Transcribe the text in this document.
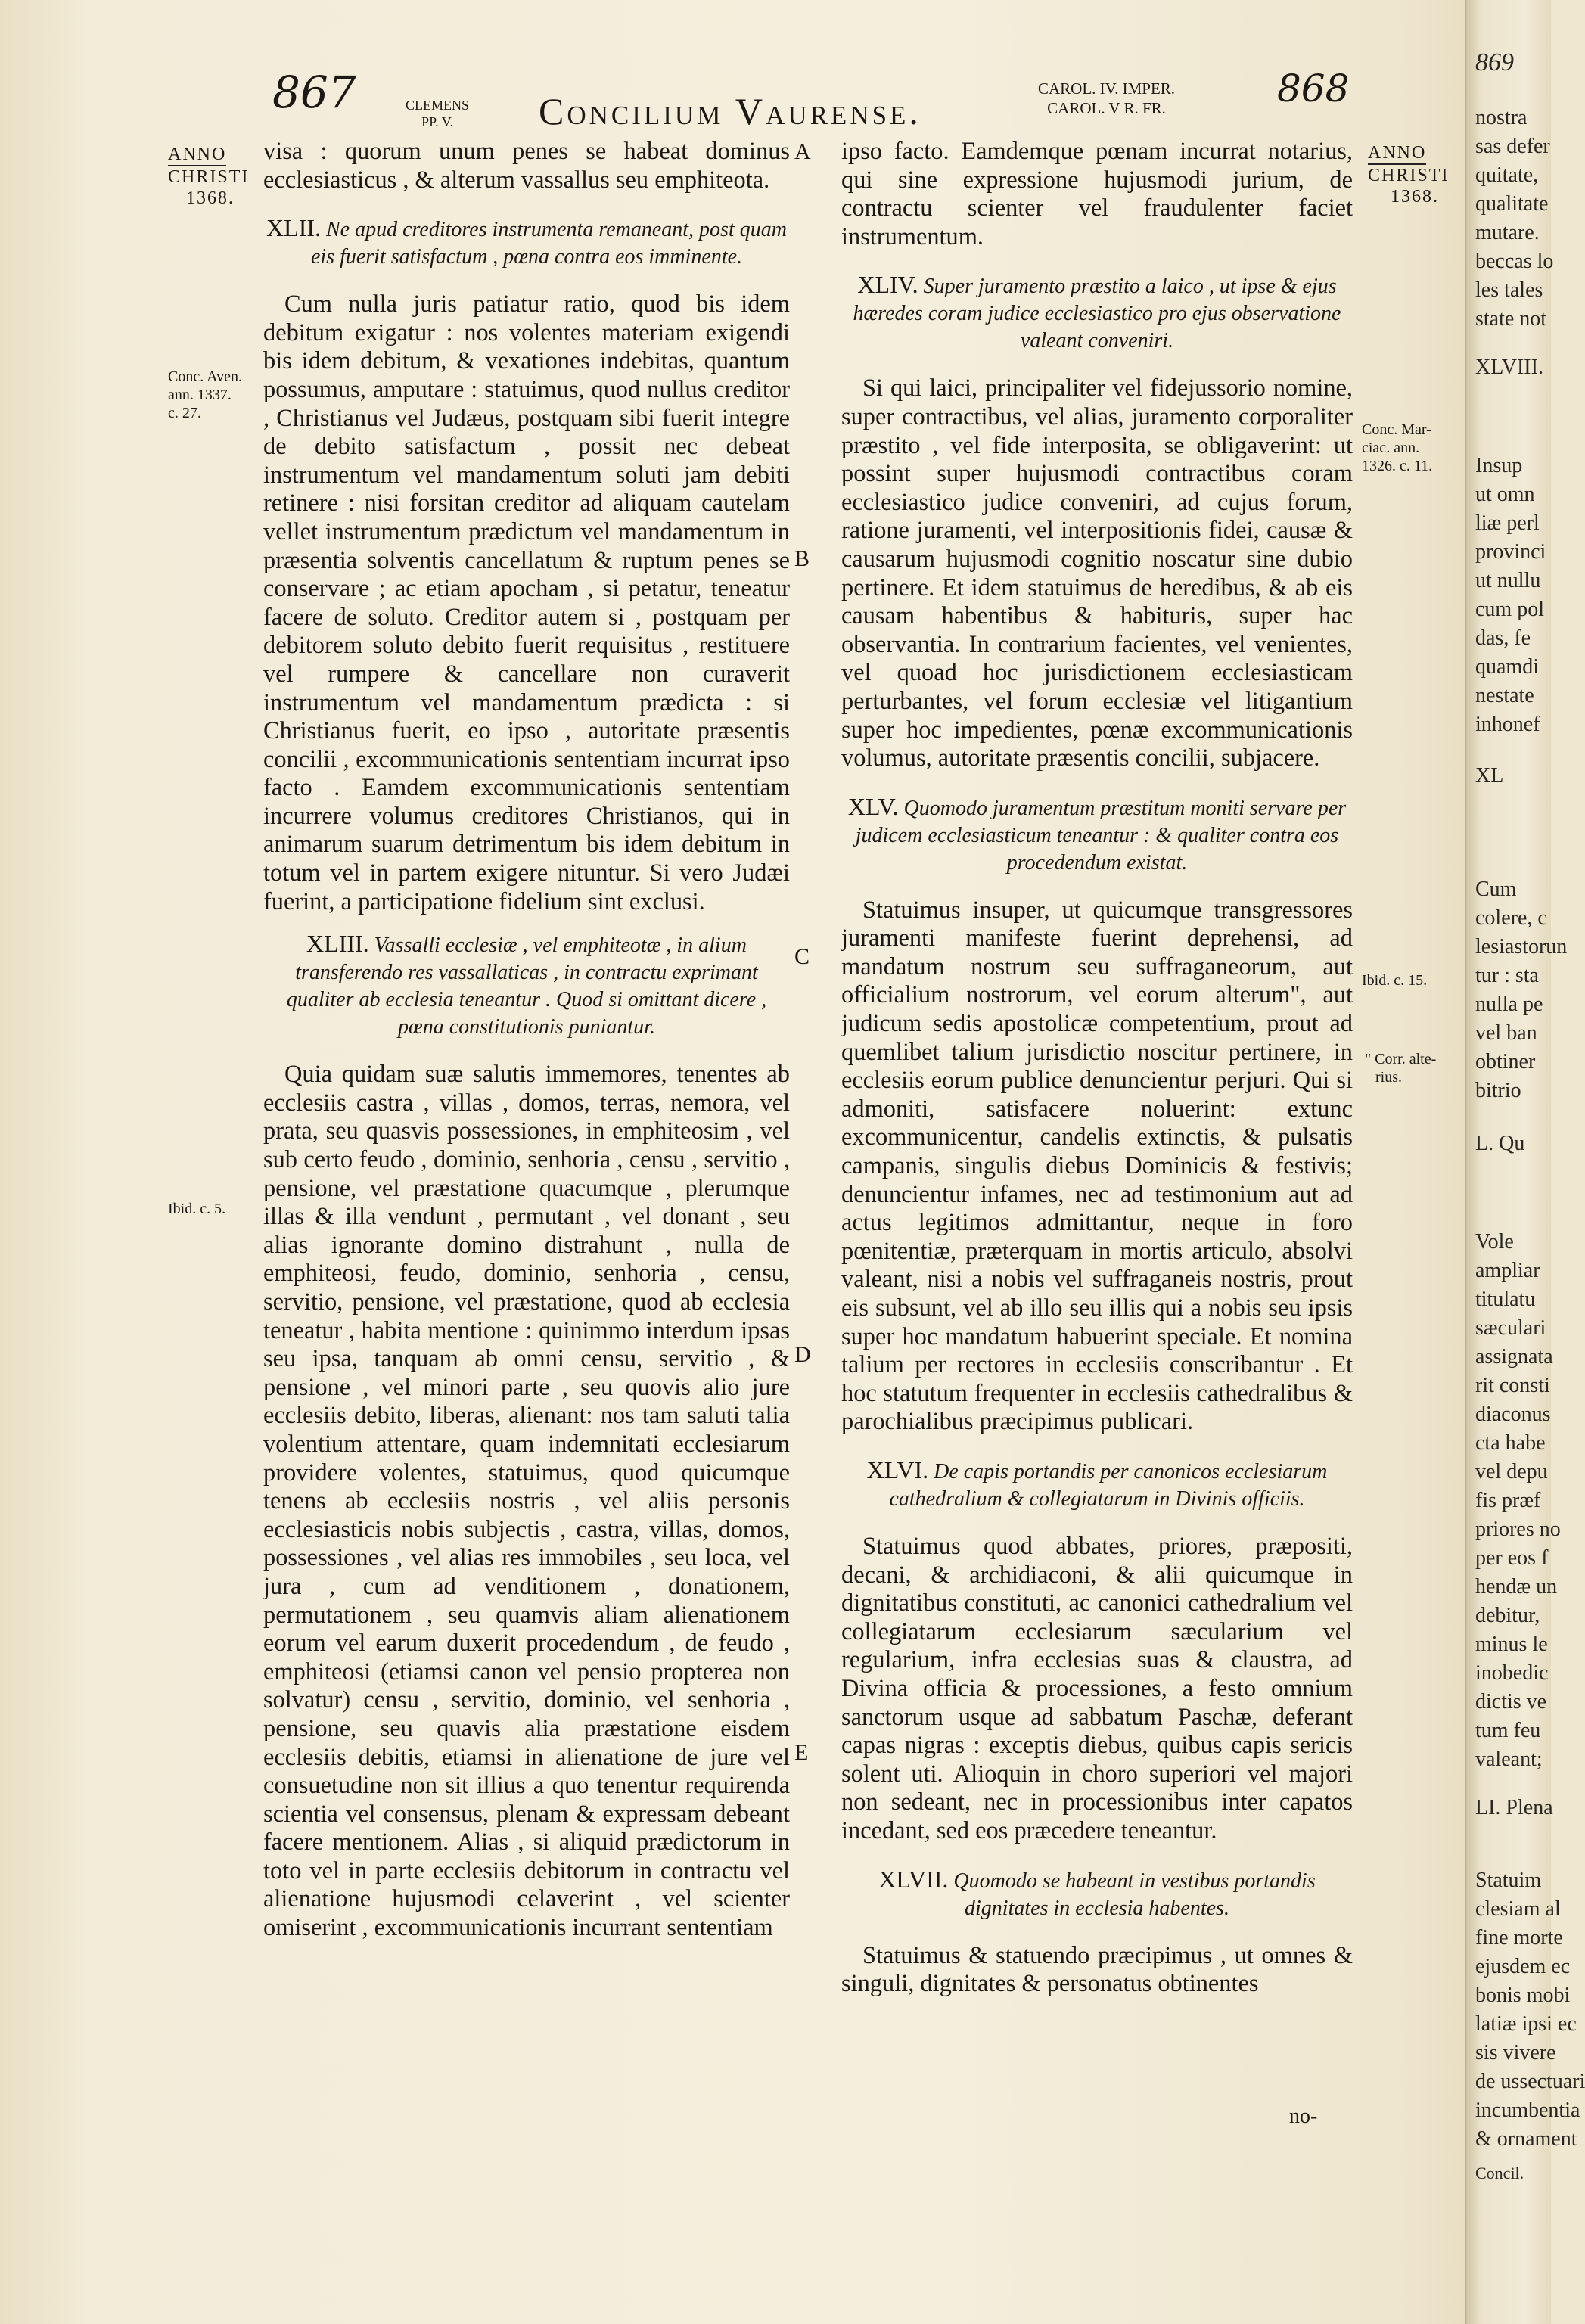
867	CLEMENS
PP. V.	Concilium Vaurense.
CAROL. IV. IMPER.
CAROL. V R. FR.	868
ANNO
CHRISTI
1368.
Conc. Aven.
ann. 1337.
c. 27.
Ibid. c. 5.
ANNO
CHRISTI
1368.
Conc. Mar-
ciac. ann.
1326. c. 11.
Ibid. c. 15.
" Corr. alte-
rius.
A
B
C
D
E

visa : quorum unum penes se habeat dominus ecclesiasticus , & alterum vassallus seu emphiteota.

XLII. Ne apud creditores instrumenta remaneant, post quam eis fuerit satisfactum , pœna contra eos imminente.

Cum nulla juris patiatur ratio, quod bis idem debitum exigatur : nos volentes materiam exigendi bis idem debitum, & vexationes indebitas, quantum possumus, amputare : statuimus, quod nullus creditor , Christianus vel Judæus, postquam sibi fuerit integre de debito satisfactum , possit nec debeat instrumentum vel mandamentum soluti jam debiti retinere : nisi forsitan creditor ad aliquam cautelam vellet instrumentum prædictum vel mandamentum in præsentia solventis cancellatum & ruptum penes se conservare ; ac etiam apocham , si petatur, teneatur facere de soluto. Creditor autem si , postquam per debitorem soluto debito fuerit requisitus , restituere vel rumpere & cancellare non curaverit instrumentum vel mandamentum prædicta : si Christianus fuerit, eo ipso , autoritate præsentis concilii , excommunicationis sententiam incurrat ipso facto . Eamdem excommunicationis sententiam incurrere volumus creditores Christianos, qui in animarum suarum detrimentum bis idem debitum in totum vel in partem exigere nituntur. Si vero Judæi fuerint, a participatione fidelium sint exclusi.

XLIII. Vassalli ecclesiæ , vel emphiteotæ , in alium transferendo res vassallaticas , in contractu exprimant qualiter ab ecclesia teneantur . Quod si omittant dicere , pœna constitutionis puniantur.

Quia quidam suæ salutis immemores, tenentes ab ecclesiis castra , villas , domos, terras, nemora, vel prata, seu quasvis possessiones, in emphiteosim , vel sub certo feudo , dominio, senhoria , censu , servitio , pensione, vel præstatione quacumque , plerumque illas & illa vendunt , permutant , vel donant , seu alias ignorante domino distrahunt , nulla de emphiteosi, feudo, dominio, senhoria , censu, servitio, pensione, vel præstatione, quod ab ecclesia teneatur , habita mentione : quinimmo interdum ipsas seu ipsa, tanquam ab omni censu, servitio , & pensione , vel minori parte , seu quovis alio jure ecclesiis debito, liberas, alienant: nos tam saluti talia volentium attentare, quam indemnitati ecclesiarum providere volentes, statuimus, quod quicumque tenens ab ecclesiis nostris , vel aliis personis ecclesiasticis nobis subjectis , castra, villas, domos, possessiones , vel alias res immobiles , seu loca, vel jura , cum ad venditionem , donationem, permutationem , seu quamvis aliam alienationem eorum vel earum duxerit procedendum , de feudo , emphiteosi (etiamsi canon vel pensio propterea non solvatur) censu , servitio, dominio, vel senhoria , pensione, seu quavis alia præstatione eisdem ecclesiis debitis, etiamsi in alienatione de jure vel consuetudine non sit illius a quo tenentur requirenda scientia vel consensus, plenam & expressam debeant facere mentionem. Alias , si aliquid prædictorum in toto vel in parte ecclesiis debitorum in contractu vel alienatione hujusmodi celaverint , vel scienter omiserint , excommunicationis incurrant sententiam

ipso facto. Eamdemque pœnam incurrat notarius, qui sine expressione hujusmodi jurium, de contractu scienter vel fraudulenter faciet instrumentum.

XLIV. Super juramento præstito a laico , ut ipse & ejus hæredes coram judice ecclesiastico pro ejus observatione valeant conveniri.

Si qui laici, principaliter vel fidejussorio nomine, super contractibus, vel alias, juramento corporaliter præstito , vel fide interposita, se obligaverint: ut possint super hujusmodi contractibus coram ecclesiastico judice conveniri, ad cujus forum, ratione juramenti, vel interpositionis fidei, causæ & causarum hujusmodi cognitio noscatur sine dubio pertinere. Et idem statuimus de heredibus, & ab eis causam habentibus & habituris, super hac observantia. In contrarium facientes, vel venientes, vel quoad hoc jurisdictionem ecclesiasticam perturbantes, vel forum ecclesiæ vel litigantium super hoc impedientes, pœnæ excommunicationis volumus, autoritate præsentis concilii, subjacere.

XLV. Quomodo juramentum præstitum moniti servare per judicem ecclesiasticum teneantur : & qualiter contra eos procedendum existat.

Statuimus insuper, ut quicumque transgressores juramenti manifeste fuerint deprehensi, ad mandatum nostrum seu suffraganeorum, aut officialium nostrorum, vel eorum alterum", aut judicum sedis apostolicæ competentium, prout ad quemlibet talium jurisdictio noscitur pertinere, in ecclesiis eorum publice denuncientur perjuri. Qui si admoniti, satisfacere noluerint: extunc excommunicentur, candelis extinctis, & pulsatis campanis, singulis diebus Dominicis & festivis; denuncientur infames, nec ad testimonium aut ad actus legitimos admittantur, neque in foro pœnitentiæ, præterquam in mortis articulo, absolvi valeant, nisi a nobis vel suffraganeis nostris, prout eis subsunt, vel ab illo seu illis qui a nobis seu ipsis super hoc mandatum habuerint speciale. Et nomina talium per rectores in ecclesiis conscribantur . Et hoc statutum frequenter in ecclesiis cathedralibus & parochialibus præcipimus publicari.

XLVI. De capis portandis per canonicos ecclesiarum cathedralium & collegiatarum in Divinis officiis.

Statuimus quod abbates, priores, præpositi, decani, & archidiaconi, & alii quicumque in dignitatibus constituti, ac canonici cathedralium vel collegiatarum ecclesiarum sæcularium vel regularium, infra ecclesias suas & claustra, ad Divina officia & processiones, a festo omnium sanctorum usque ad sabbatum Paschæ, deferant capas nigras : exceptis diebus, quibus capis sericis solent uti. Alioquin in choro superiori vel majori non sedeant, nec in processionibus inter capatos incedant, sed eos præcedere teneantur.

XLVII. Quomodo se habeant in vestibus portandis dignitates in ecclesia habentes.

Statuimus & statuendo præcipimus , ut omnes & singuli, dignitates & personatus obtinentes

no-
869
nostra
sas defer
quitate,
qualitate
mutare.
beccas lo
les tales
state not
XLVIII.
Insup
ut omn
liæ perl
provinci
ut nullu
cum pol
das, fe
quamdi
nestate
inhonef
XL
Cum
colere, c
lesiastorun
tur : sta
nulla pe
vel ban
obtiner
bitrio
L. Qu
Vole
ampliar
titulatu
sæculari
assignata
rit consti
diaconus
cta habe
vel depu
fis præf
priores no
per eos f
hendæ un
debitur,
minus le
inobedic
dictis ve
tum feu
valeant;
LI. Plena
Statuim
clesiam al
fine morte
ejusdem ec
bonis mobi
latiæ ipsi ec
sis vivere
de ussectuari
incumbentia
& ornament
Concil.
